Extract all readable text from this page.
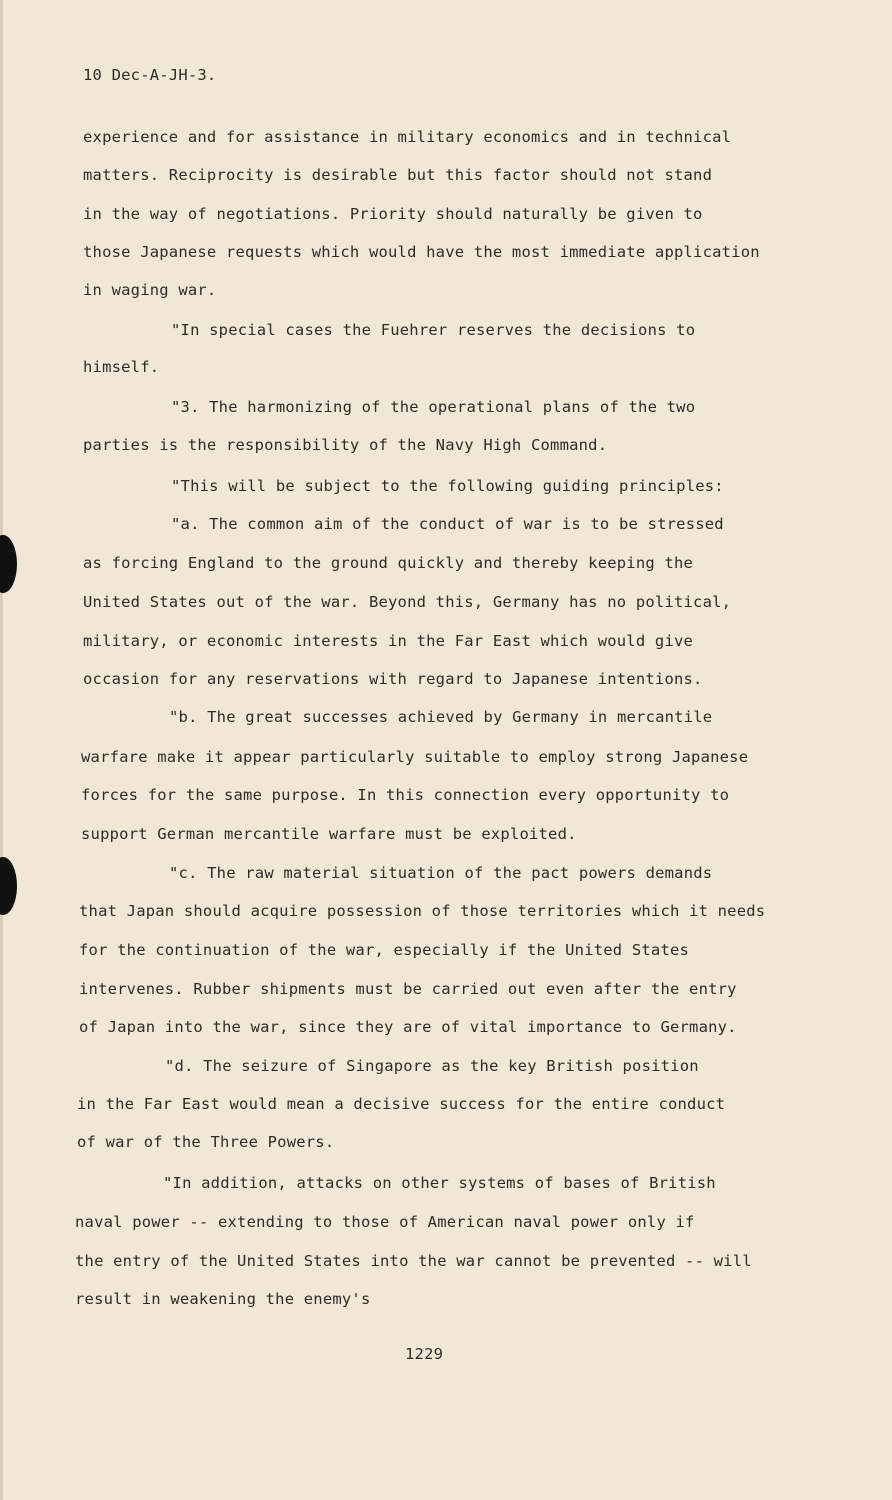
10 Dec-A-JH-3.
experience and for assistance in military economics and in technical
matters. Reciprocity is desirable but this factor should not stand
in the way of negotiations. Priority should naturally be given to
those Japanese requests which would have the most immediate application
in waging war.
"In special cases the Fuehrer reserves the decisions to
himself.
"3. The harmonizing of the operational plans of the two
parties is the responsibility of the Navy High Command.
"This will be subject to the following guiding principles:
"a. The common aim of the conduct of war is to be stressed
as forcing England to the ground quickly and thereby keeping the
United States out of the war. Beyond this, Germany has no political,
military, or economic interests in the Far East which would give
occasion for any reservations with regard to Japanese intentions.
"b. The great successes achieved by Germany in mercantile
warfare make it appear particularly suitable to employ strong Japanese
forces for the same purpose. In this connection every opportunity to
support German mercantile warfare must be exploited.
"c. The raw material situation of the pact powers demands
that Japan should acquire possession of those territories which it needs
for the continuation of the war, especially if the United States
intervenes. Rubber shipments must be carried out even after the entry
of Japan into the war, since they are of vital importance to Germany.
"d. The seizure of Singapore as the key British position
in the Far East would mean a decisive success for the entire conduct
of war of the Three Powers.
"In addition, attacks on other systems of bases of British
naval power -- extending to those of American naval power only if
the entry of the United States into the war cannot be prevented -- will
result in weakening the enemy's
1229
